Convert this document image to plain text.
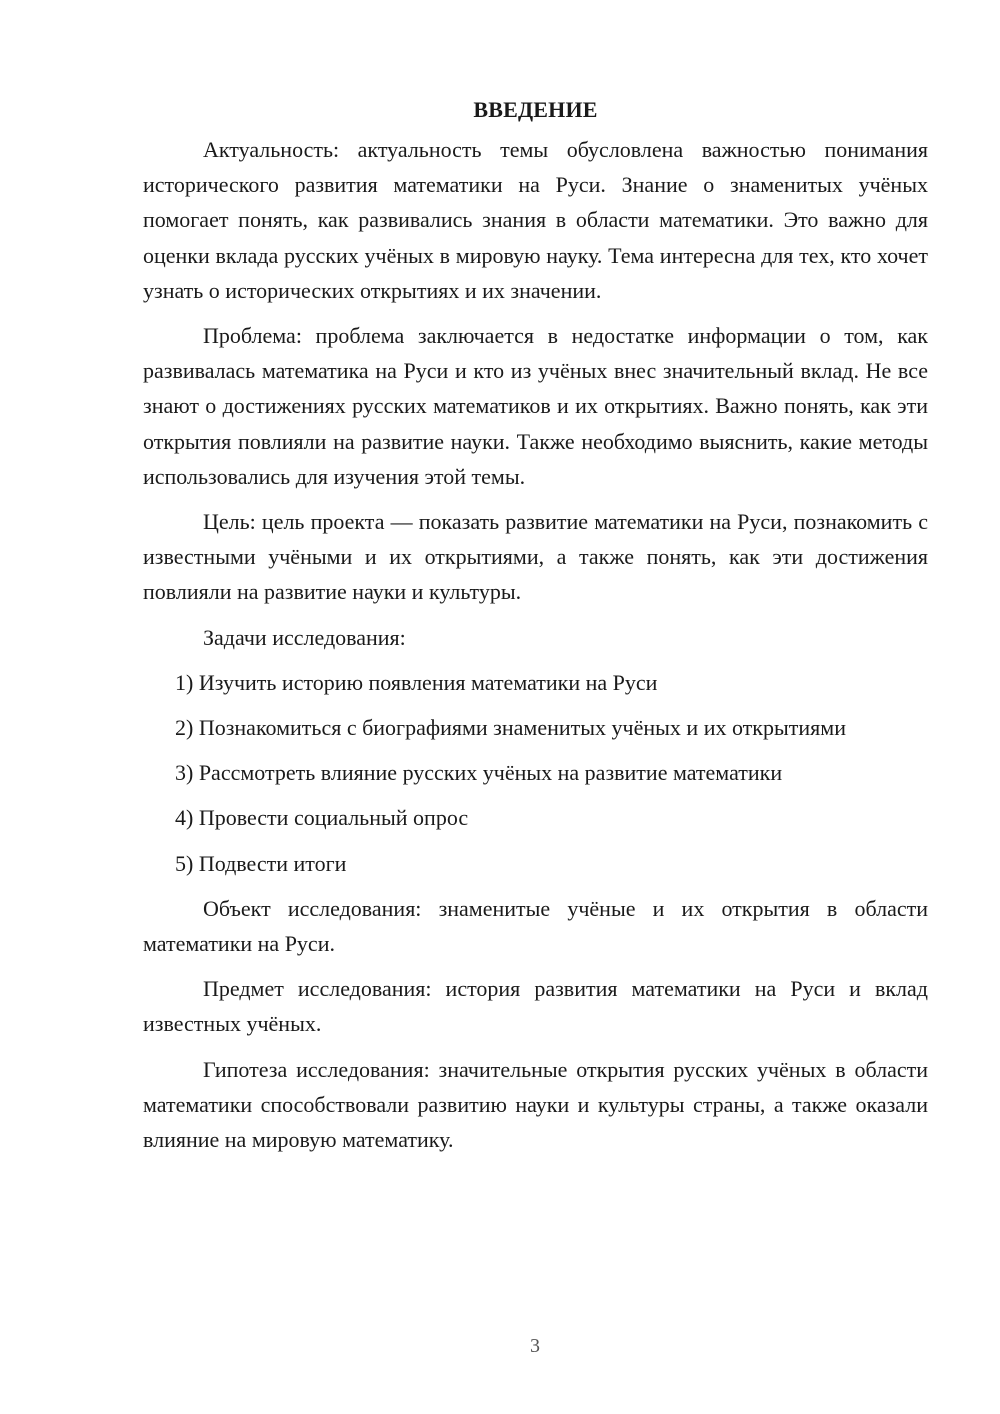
ВВЕДЕНИЕ

Актуальность: актуальность темы обусловлена важностью понимания исторического развития математики на Руси. Знание о знаменитых учёных помогает понять, как развивались знания в области математики. Это важно для оценки вклада русских учёных в мировую науку. Тема интересна для тех, кто хочет узнать о исторических открытиях и их значении.

Проблема: проблема заключается в недостатке информации о том, как развивалась математика на Руси и кто из учёных внес значительный вклад. Не все знают о достижениях русских математиков и их открытиях. Важно понять, как эти открытия повлияли на развитие науки. Также необходимо выяснить, какие методы использовались для изучения этой темы.

Цель: цель проекта — показать развитие математики на Руси, познакомить с известными учёными и их открытиями, а также понять, как эти достижения повлияли на развитие науки и культуры.

Задачи исследования:

1) Изучить историю появления математики на Руси

2) Познакомиться с биографиями знаменитых учёных и их открытиями

3) Рассмотреть влияние русских учёных на развитие математики

4) Провести социальный опрос

5) Подвести итоги

Объект исследования: знаменитые учёные и их открытия в области математики на Руси.

Предмет исследования: история развития математики на Руси и вклад известных учёных.

Гипотеза исследования: значительные открытия русских учёных в области математики способствовали развитию науки и культуры страны, а также оказали влияние на мировую математику.

3
